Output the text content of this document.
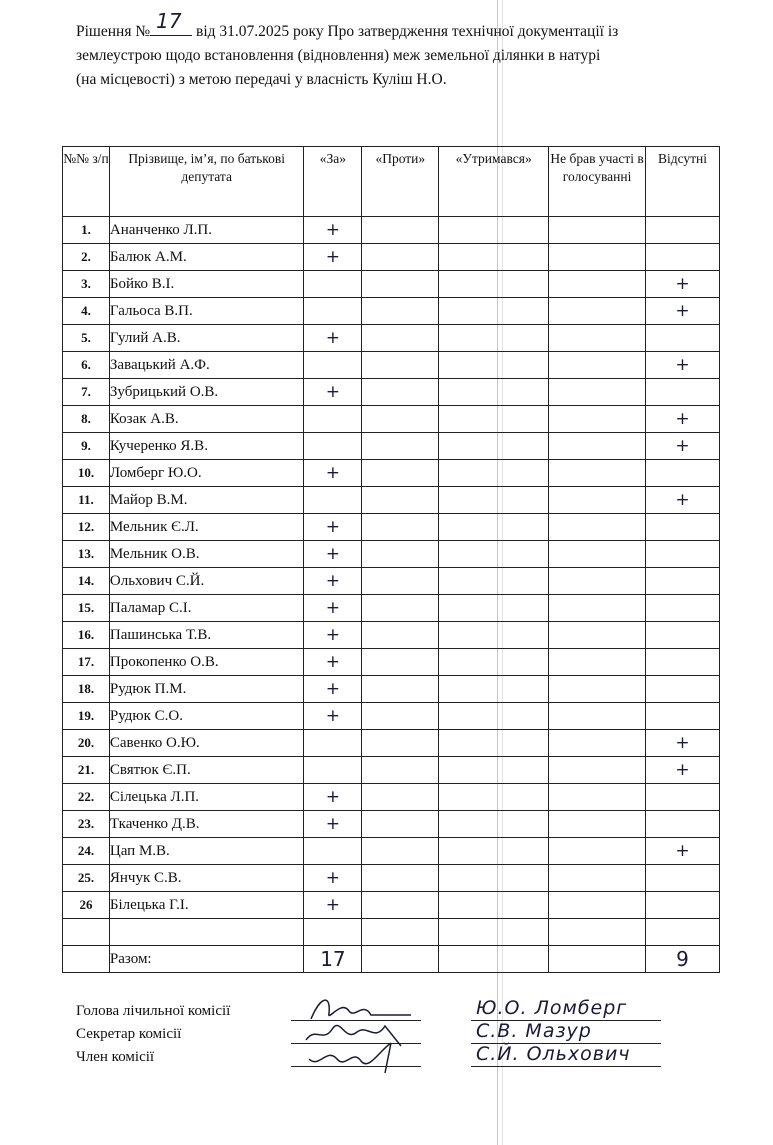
Рішення № 17 від 31.07.2025 року Про затвердження технічної документації із
землеустрою щодо встановлення (відновлення) меж земельної ділянки в натурі
(на місцевості) з метою передачі у власність Куліш Н.О.
№№ з/п	Прізвище, ім’я, по батькові депутата	«За»	«Проти»	«Утримався»	Не брав участі в голосуванні	Відсутні
1.	Ананченко Л.П.	+				
2.	Балюк А.М.	+				
3.	Бойко В.І.					+
4.	Гальоса В.П.					+
5.	Гулий А.В.	+				
6.	Завацький А.Ф.					+
7.	Зубрицький О.В.	+				
8.	Козак А.В.					+
9.	Кучеренко Я.В.					+
10.	Ломберг Ю.О.	+				
11.	Майор В.М.					+
12.	Мельник Є.Л.	+				
13.	Мельник О.В.	+				
14.	Ольхович С.Й.	+				
15.	Паламар С.І.	+				
16.	Пашинська Т.В.	+				
17.	Прокопенко О.В.	+				
18.	Рудюк П.М.	+				
19.	Рудюк С.О.	+				
20.	Савенко О.Ю.					+
21.	Святюк Є.П.					+
22.	Сілецька Л.П.	+				
23.	Ткаченко Д.В.	+				
24.	Цап М.В.					+
25.	Янчук С.В.	+				
26	Білецька Г.І.	+				

	Разом:	17				9
Голова лічильної комісії	Ю.О. Ломберг
Секретар комісії	С.В. Мазур
Член комісії	С.Й. Ольхович
